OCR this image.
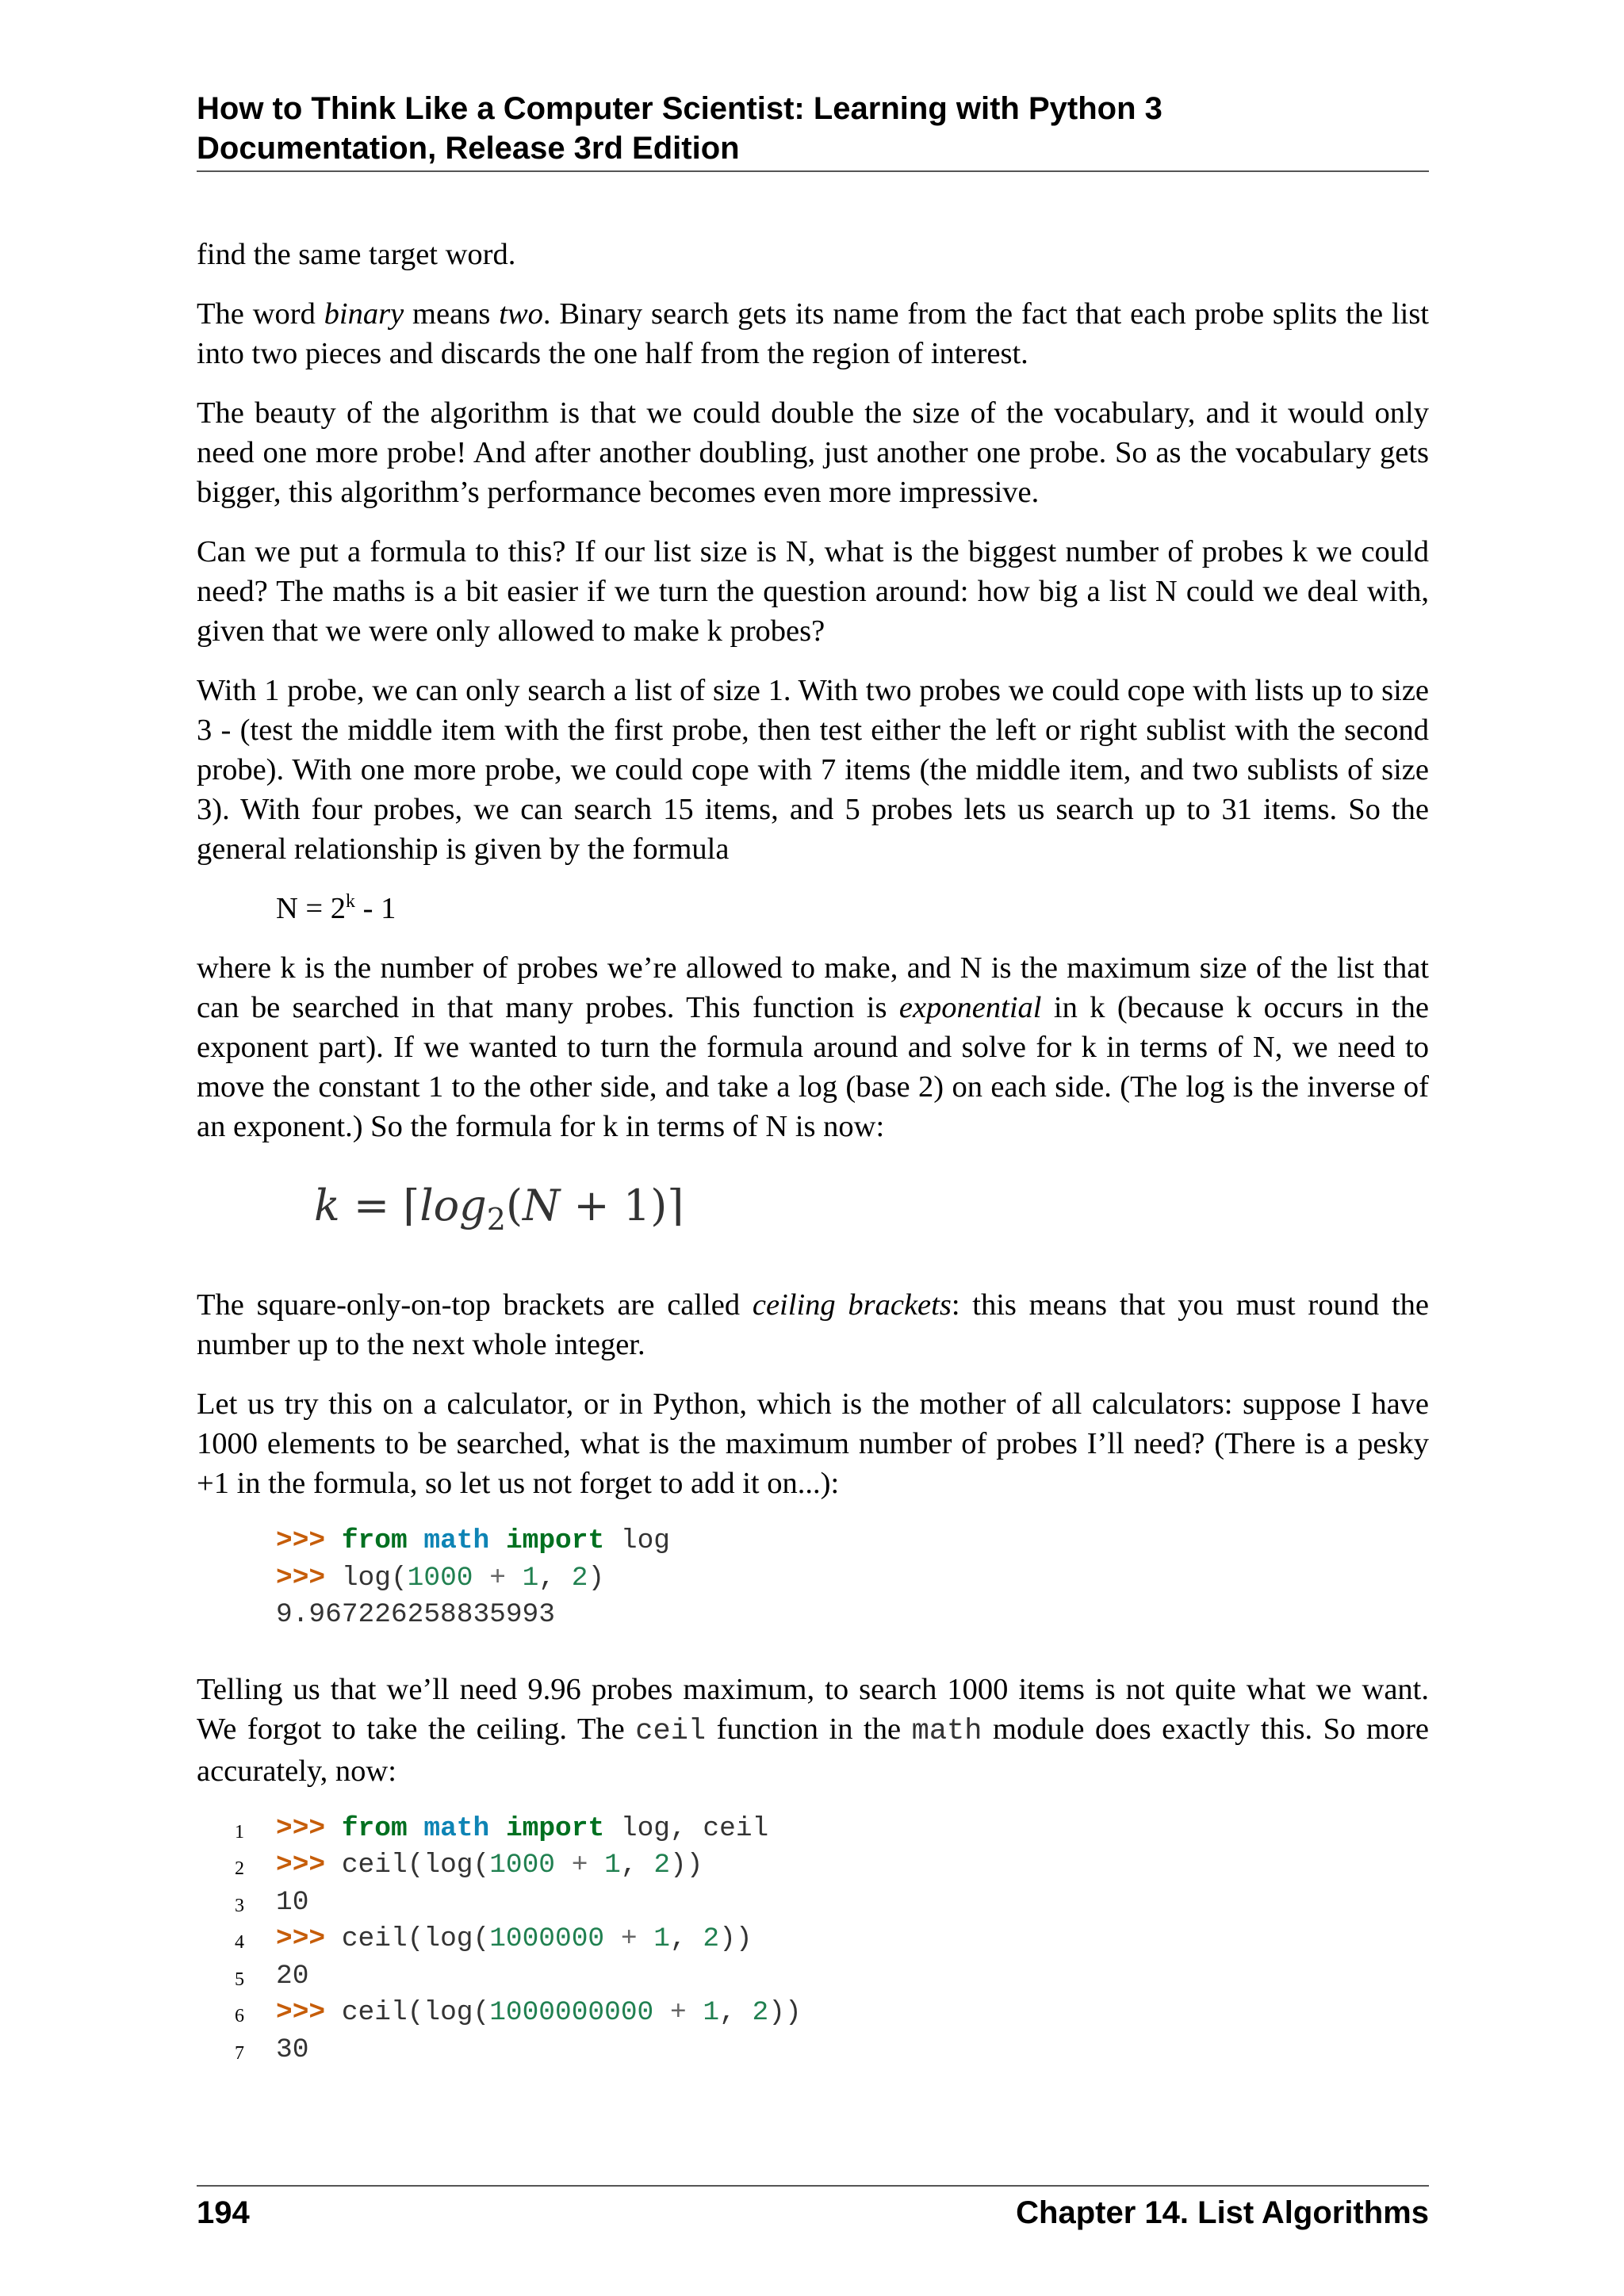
How to Think Like a Computer Scientist: Learning with Python 3
Documentation, Release 3rd Edition

find the same target word.

The word binary means two. Binary search gets its name from the fact that each probe splits the list into two pieces and discards the one half from the region of interest.

The beauty of the algorithm is that we could double the size of the vocabulary, and it would only need one more probe! And after another doubling, just another one probe. So as the vocabulary gets bigger, this algorithm’s performance becomes even more impressive.

Can we put a formula to this? If our list size is N, what is the biggest number of probes k we could need? The maths is a bit easier if we turn the question around: how big a list N could we deal with, given that we were only allowed to make k probes?

With 1 probe, we can only search a list of size 1. With two probes we could cope with lists up to size 3 - (test the middle item with the first probe, then test either the left or right sublist with the second probe). With one more probe, we could cope with 7 items (the middle item, and two sublists of size 3). With four probes, we can search 15 items, and 5 probes lets us search up to 31 items. So the general relationship is given by the formula

$N = 2^k - 1$

where k is the number of probes we’re allowed to make, and N is the maximum size of the list that can be searched in that many probes. This function is exponential in k (because k occurs in the exponent part). If we wanted to turn the formula around and solve for k in terms of N, we need to move the constant 1 to the other side, and take a log (base 2) on each side. (The log is the inverse of an exponent.) So the formula for k in terms of N is now:

$k = ⌈\log_2(N$ + 1)⌉

The square-only-on-top brackets are called ceiling brackets: this means that you must round the number up to the next whole integer.

Let us try this on a calculator, or in Python, which is the mother of all calculators: suppose I have 1000 elements to be searched, what is the maximum number of probes I’ll need? (There is a pesky +1 in the formula, so let us not forget to add it on...):

>>> from math import log
>>> log(1000 + 1, 2)
9.967226258835993

Telling us that we’ll need 9.96 probes maximum, to search 1000 items is not quite what we want. We forgot to take the ceiling. The ceil function in the math module does exactly this. So more accurately, now:

1 >>> from math import log, ceil
2 >>> ceil(log(1000 + 1, 2))
3 10
4 >>> ceil(log(1000000 + 1, 2))
5 20
6 >>> ceil(log(1000000000 + 1, 2))
7 30
194	Chapter 14. List Algorithms
